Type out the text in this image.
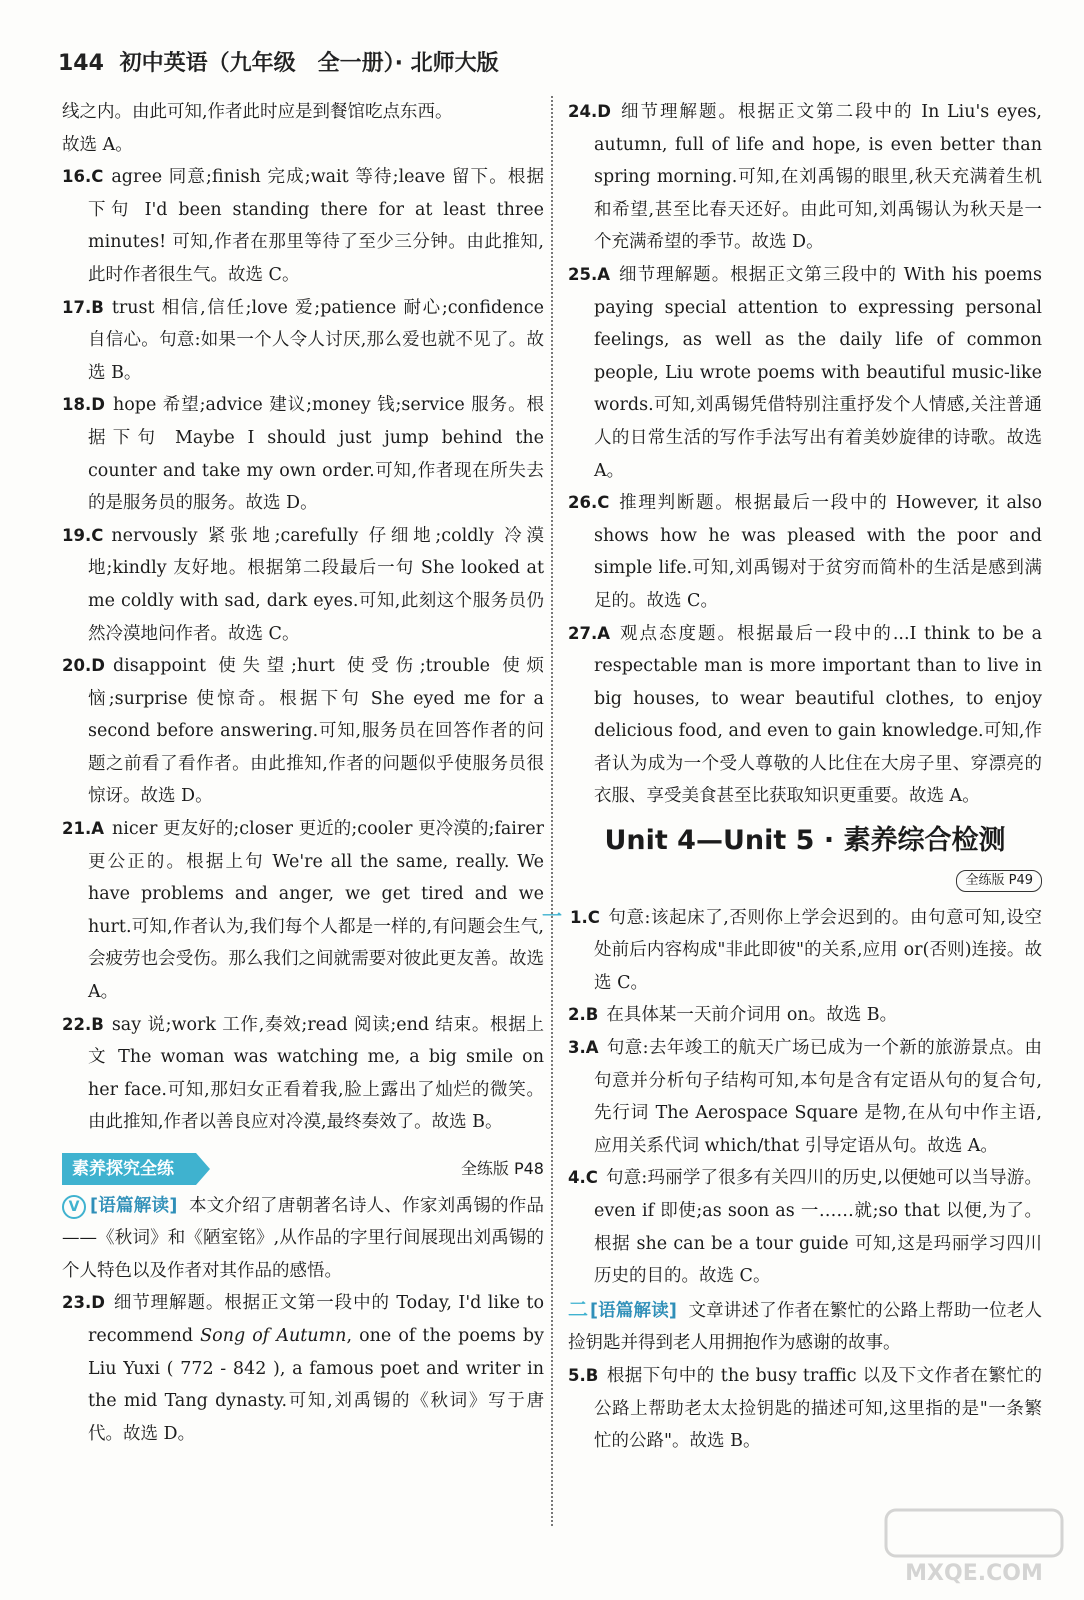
144 初中英语（九年级　全一册）· 北师大版

线之内。由此可知,作者此时应是到餐馆吃点东西。

故选 A。

16.C agree 同意;finish 完成;wait 等待;leave 留下。根据下句 I'd been standing there for at least three minutes! 可知,作者在那里等待了至少三分钟。由此推知,此时作者很生气。故选 C。

17.B trust 相信,信任;love 爱;patience 耐心;confidence 自信心。句意:如果一个人令人讨厌,那么爱也就不见了。故选 B。

18.D hope 希望;advice 建议;money 钱;service 服务。根据下句 Maybe I should just jump behind the counter and take my own order.可知,作者现在所失去的是服务员的服务。故选 D。

19.C nervously 紧张地;carefully 仔细地;coldly 冷漠地;kindly 友好地。根据第二段最后一句 She looked at me coldly with sad, dark eyes.可知,此刻这个服务员仍然冷漠地问作者。故选 C。

20.D disappoint 使失望;hurt 使受伤;trouble 使烦恼;surprise 使惊奇。根据下句 She eyed me for a second before answering.可知,服务员在回答作者的问题之前看了看作者。由此推知,作者的问题似乎使服务员很惊讶。故选 D。

21.A nicer 更友好的;closer 更近的;cooler 更冷漠的;fairer 更公正的。根据上句 We're all the same, really. We have problems and anger, we get tired and we hurt.可知,作者认为,我们每个人都是一样的,有问题会生气,会疲劳也会受伤。那么我们之间就需要对彼此更友善。故选 A。

22.B say 说;work 工作,奏效;read 阅读;end 结束。根据上文 The woman was watching me, a big smile on her face.可知,那妇女正看着我,脸上露出了灿烂的微笑。由此推知,作者以善良应对冷漠,最终奏效了。故选 B。

素养探究全练	全练版 P48

V [语篇解读] 本文介绍了唐朝著名诗人、作家刘禹锡的作品——《秋词》和《陋室铭》,从作品的字里行间展现出刘禹锡的个人特色以及作者对其作品的感悟。

23.D 细节理解题。根据正文第一段中的 Today, I'd like to recommend Song of Autumn, one of the poems by Liu Yuxi ( 772 - 842 ), a famous poet and writer in the mid Tang dynasty.可知,刘禹锡的《秋词》写于唐代。故选 D。

24.D 细节理解题。根据正文第二段中的 In Liu's eyes, autumn, full of life and hope, is even better than spring morning.可知,在刘禹锡的眼里,秋天充满着生机和希望,甚至比春天还好。由此可知,刘禹锡认为秋天是一个充满希望的季节。故选 D。

25.A 细节理解题。根据正文第三段中的 With his poems paying special attention to expressing personal feelings, as well as the daily life of common people, Liu wrote poems with beautiful music-like words.可知,刘禹锡凭借特别注重抒发个人情感,关注普通人的日常生活的写作手法写出有着美妙旋律的诗歌。故选 A。

26.C 推理判断题。根据最后一段中的 However, it also shows how he was pleased with the poor and simple life.可知,刘禹锡对于贫穷而简朴的生活是感到满足的。故选 C。

27.A 观点态度题。根据最后一段中的...I think to be a respectable man is more important than to live in big houses, to wear beautiful clothes, to enjoy delicious food, and even to gain knowledge.可知,作者认为成为一个受人尊敬的人比住在大房子里、穿漂亮的衣服、享受美食甚至比获取知识更重要。故选 A。

Unit 4—Unit 5 · 素养综合检测
全练版 P49

一 1.C 句意:该起床了,否则你上学会迟到的。由句意可知,设空处前后内容构成"非此即彼"的关系,应用 or(否则)连接。故选 C。

2.B 在具体某一天前介词用 on。故选 B。

3.A 句意:去年竣工的航天广场已成为一个新的旅游景点。由句意并分析句子结构可知,本句是含有定语从句的复合句,先行词 The Aerospace Square 是物,在从句中作主语,应用关系代词 which/that 引导定语从句。故选 A。

4.C 句意:玛丽学了很多有关四川的历史,以便她可以当导游。even if 即使;as soon as 一……就;so that 以便,为了。根据 she can be a tour guide 可知,这是玛丽学习四川历史的目的。故选 C。

二 [语篇解读] 文章讲述了作者在繁忙的公路上帮助一位老人捡钥匙并得到老人用拥抱作为感谢的故事。

5.B 根据下句中的 the busy traffic 以及下文作者在繁忙的公路上帮助老太太捡钥匙的描述可知,这里指的是"一条繁忙的公路"。故选 B。

MXQE.COM
